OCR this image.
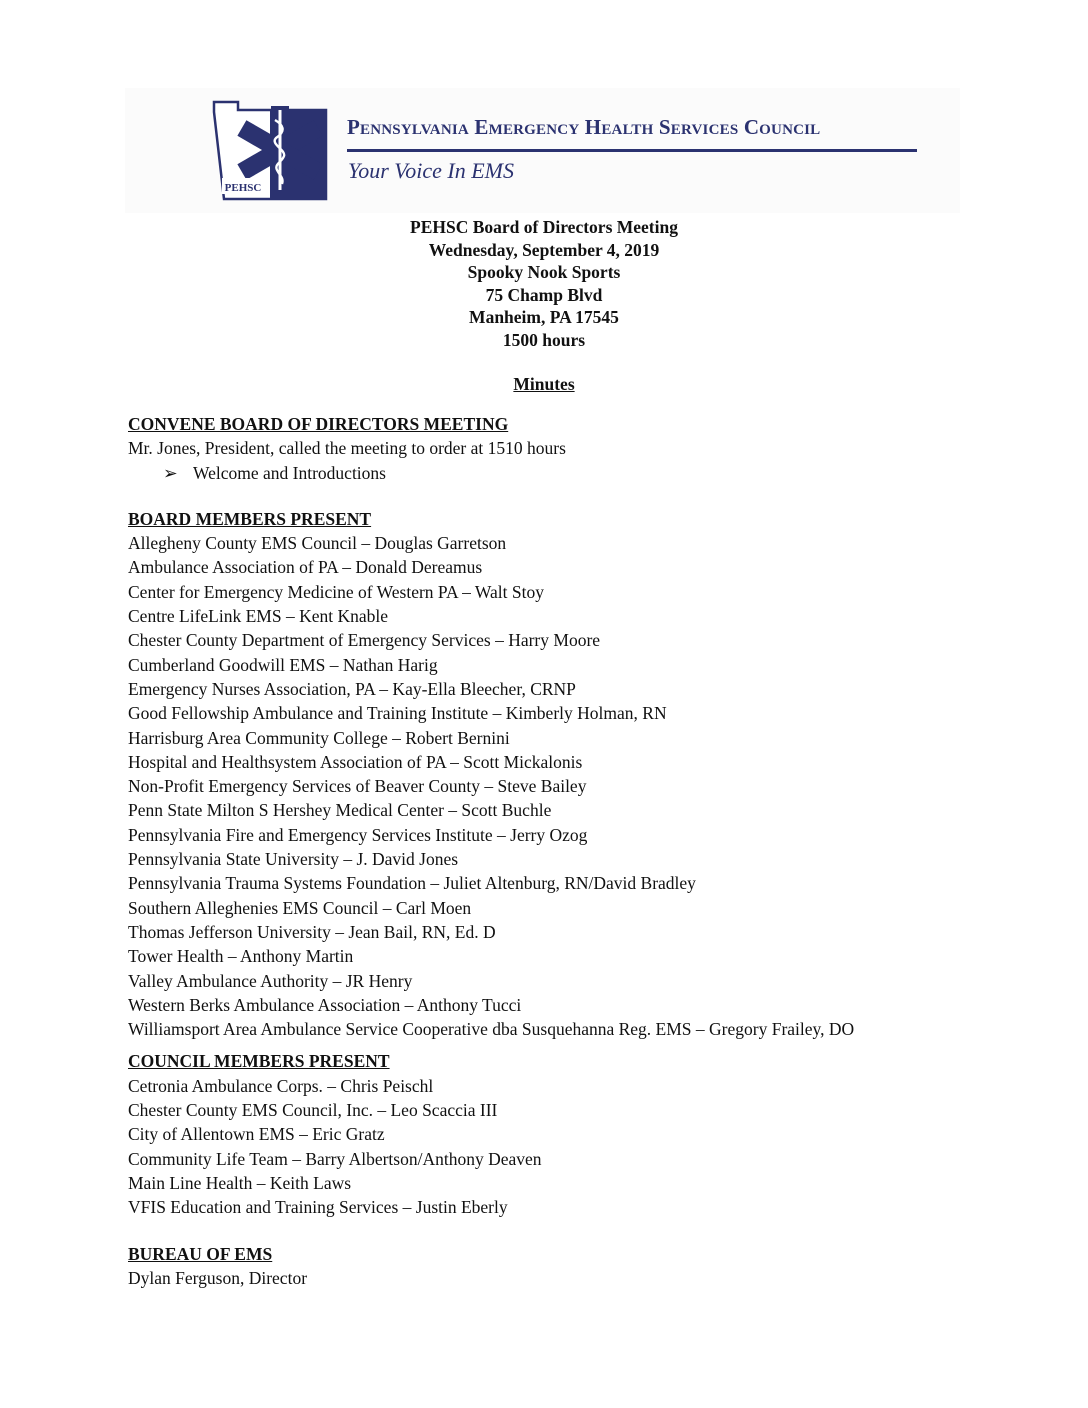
PEHSC
Pennsylvania Emergency Health Services Council
Your Voice In EMS
PEHSC Board of Directors Meeting
Wednesday, September 4, 2019
Spooky Nook Sports
75 Champ Blvd
Manheim, PA 17545
1500 hours
Minutes
CONVENE BOARD OF DIRECTORS MEETING
Mr. Jones, President, called the meeting to order at 1510 hours
➢ Welcome and Introductions
BOARD MEMBERS PRESENT
Allegheny County EMS Council – Douglas Garretson
Ambulance Association of PA – Donald Dereamus
Center for Emergency Medicine of Western PA – Walt Stoy
Centre LifeLink EMS – Kent Knable
Chester County Department of Emergency Services – Harry Moore
Cumberland Goodwill EMS – Nathan Harig
Emergency Nurses Association, PA – Kay-Ella Bleecher, CRNP
Good Fellowship Ambulance and Training Institute – Kimberly Holman, RN
Harrisburg Area Community College – Robert Bernini
Hospital and Healthsystem Association of PA – Scott Mickalonis
Non-Profit Emergency Services of Beaver County – Steve Bailey
Penn State Milton S Hershey Medical Center – Scott Buchle
Pennsylvania Fire and Emergency Services Institute – Jerry Ozog
Pennsylvania State University – J. David Jones
Pennsylvania Trauma Systems Foundation – Juliet Altenburg, RN/David Bradley
Southern Alleghenies EMS Council – Carl Moen
Thomas Jefferson University – Jean Bail, RN, Ed. D
Tower Health – Anthony Martin
Valley Ambulance Authority – JR Henry
Western Berks Ambulance Association – Anthony Tucci
Williamsport Area Ambulance Service Cooperative dba Susquehanna Reg. EMS – Gregory Frailey, DO
COUNCIL MEMBERS PRESENT
Cetronia Ambulance Corps. – Chris Peischl
Chester County EMS Council, Inc. – Leo Scaccia III
City of Allentown EMS – Eric Gratz
Community Life Team – Barry Albertson/Anthony Deaven
Main Line Health – Keith Laws
VFIS Education and Training Services – Justin Eberly
BUREAU OF EMS
Dylan Ferguson, Director
